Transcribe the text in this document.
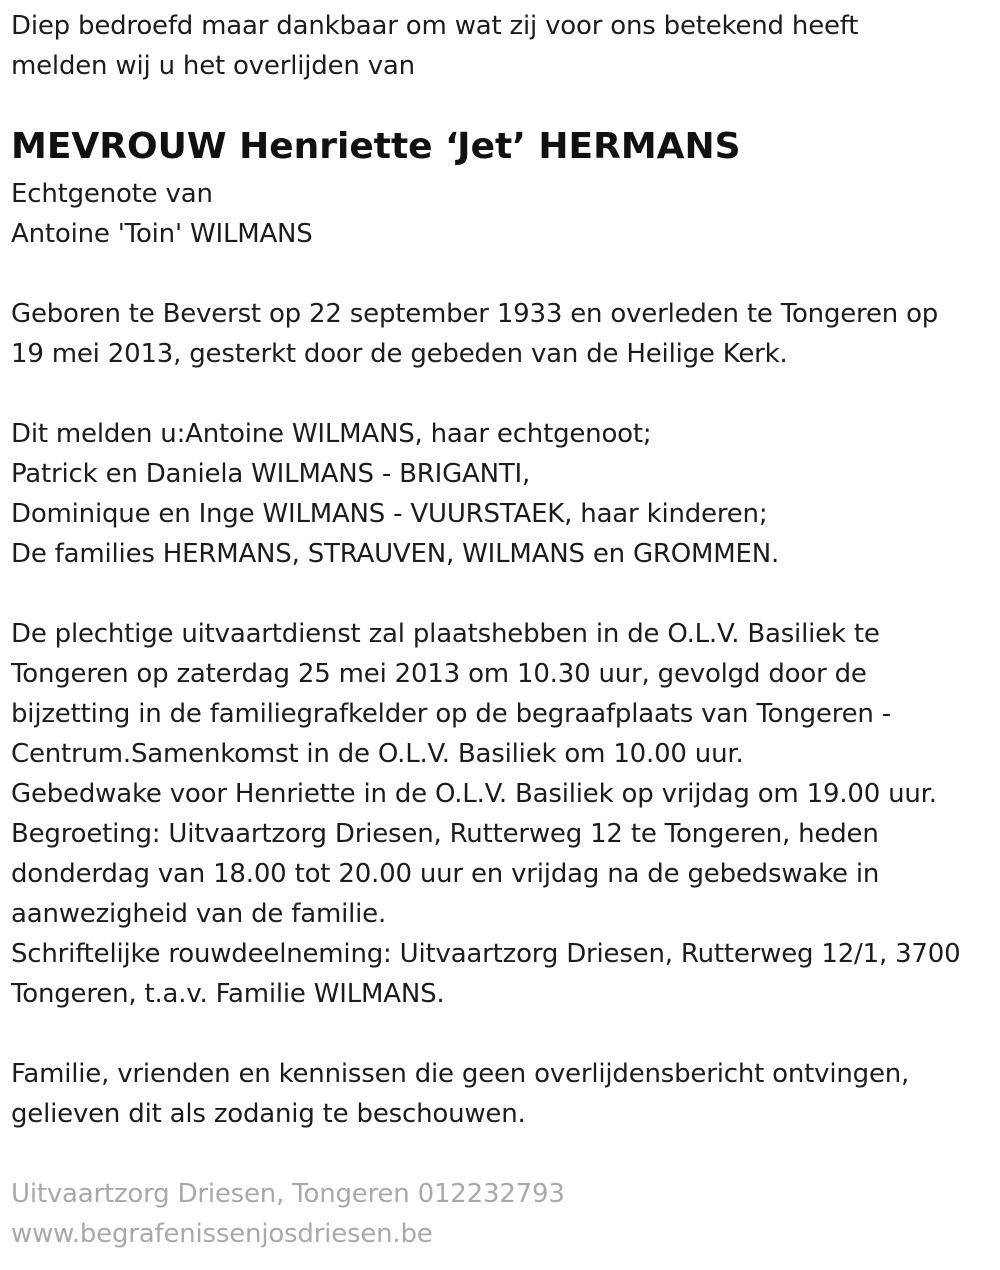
Diep bedroefd maar dankbaar om wat zij voor ons betekend heeft
melden wij u het overlijden van
MEVROUW Henriette ‘Jet’ HERMANS
Echtgenote van
Antoine 'Toin' WILMANS
Geboren te Beverst op 22 september 1933 en overleden te Tongeren op
19 mei 2013, gesterkt door de gebeden van de Heilige Kerk.
Dit melden u:Antoine WILMANS, haar echtgenoot;
Patrick en Daniela WILMANS - BRIGANTI,
Dominique en Inge WILMANS - VUURSTAEK, haar kinderen;
De families HERMANS, STRAUVEN, WILMANS en GROMMEN.
De plechtige uitvaartdienst zal plaatshebben in de O.L.V. Basiliek te
Tongeren op zaterdag 25 mei 2013 om 10.30 uur, gevolgd door de
bijzetting in de familiegrafkelder op de begraafplaats van Tongeren -
Centrum.Samenkomst in de O.L.V. Basiliek om 10.00 uur.
Gebedwake voor Henriette in de O.L.V. Basiliek op vrijdag om 19.00 uur.
Begroeting: Uitvaartzorg Driesen, Rutterweg 12 te Tongeren, heden
donderdag van 18.00 tot 20.00 uur en vrijdag na de gebedswake in
aanwezigheid van de familie.
Schriftelijke rouwdeelneming: Uitvaartzorg Driesen, Rutterweg 12/1, 3700
Tongeren, t.a.v. Familie WILMANS.
Familie, vrienden en kennissen die geen overlijdensbericht ontvingen,
gelieven dit als zodanig te beschouwen.
Uitvaartzorg Driesen, Tongeren 012232793
www.begrafenissenjosdriesen.be
